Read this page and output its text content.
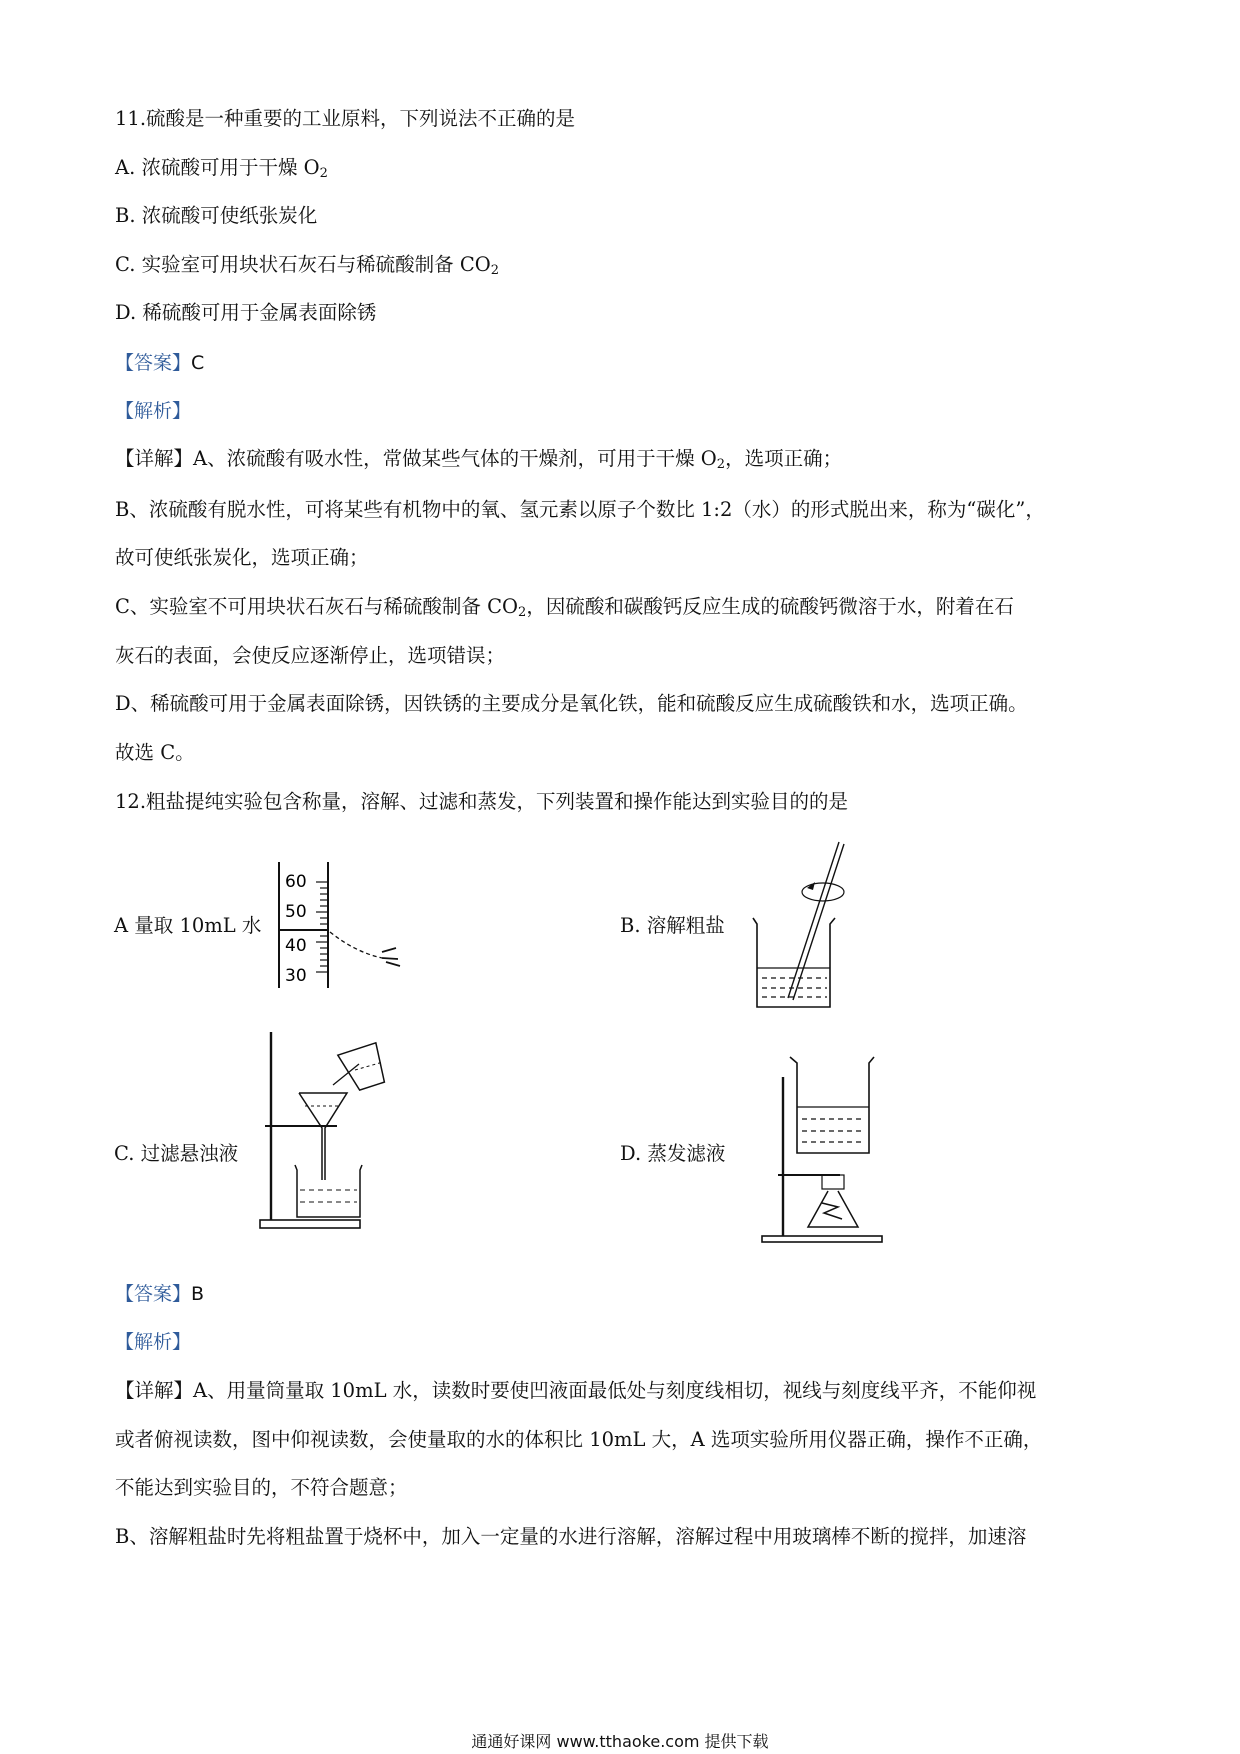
11.硫酸是一种重要的工业原料，下列说法不正确的是
A. 浓硫酸可用于干燥 $O_2$
B. 浓硫酸可使纸张炭化
C. 实验室可用块状石灰石与稀硫酸制备 $CO_2$
D. 稀硫酸可用于金属表面除锈
【答案】C
【解析】
【详解】A、浓硫酸有吸水性，常做某些气体的干燥剂，可用于干燥 $O_2$，选项正确；
B、浓硫酸有脱水性，可将某些有机物中的氧、氢元素以原子个数比 1:2（水）的形式脱出来，称为“碳化”，
故可使纸张炭化，选项正确；
C、实验室不可用块状石灰石与稀硫酸制备 $CO_2$，因硫酸和碳酸钙反应生成的硫酸钙微溶于水，附着在石
灰石的表面，会使反应逐渐停止，选项错误；
D、稀硫酸可用于金属表面除锈，因铁锈的主要成分是氧化铁，能和硫酸反应生成硫酸铁和水，选项正确。
故选 C。
12.粗盐提纯实验包含称量，溶解、过滤和蒸发，下列装置和操作能达到实验目的的是
A 量取 10mL 水	B. 溶解粗盐
C. 过滤悬浊液	D. 蒸发滤液
60
50
40
30
【答案】B
【解析】
【详解】A、用量筒量取 10mL 水，读数时要使凹液面最低处与刻度线相切，视线与刻度线平齐，不能仰视
或者俯视读数，图中仰视读数，会使量取的水的体积比 10mL 大，A 选项实验所用仪器正确，操作不正确，
不能达到实验目的，不符合题意；
B、溶解粗盐时先将粗盐置于烧杯中，加入一定量的水进行溶解，溶解过程中用玻璃棒不断的搅拌，加速溶
通通好课网 www.tthaoke.com 提供下载
